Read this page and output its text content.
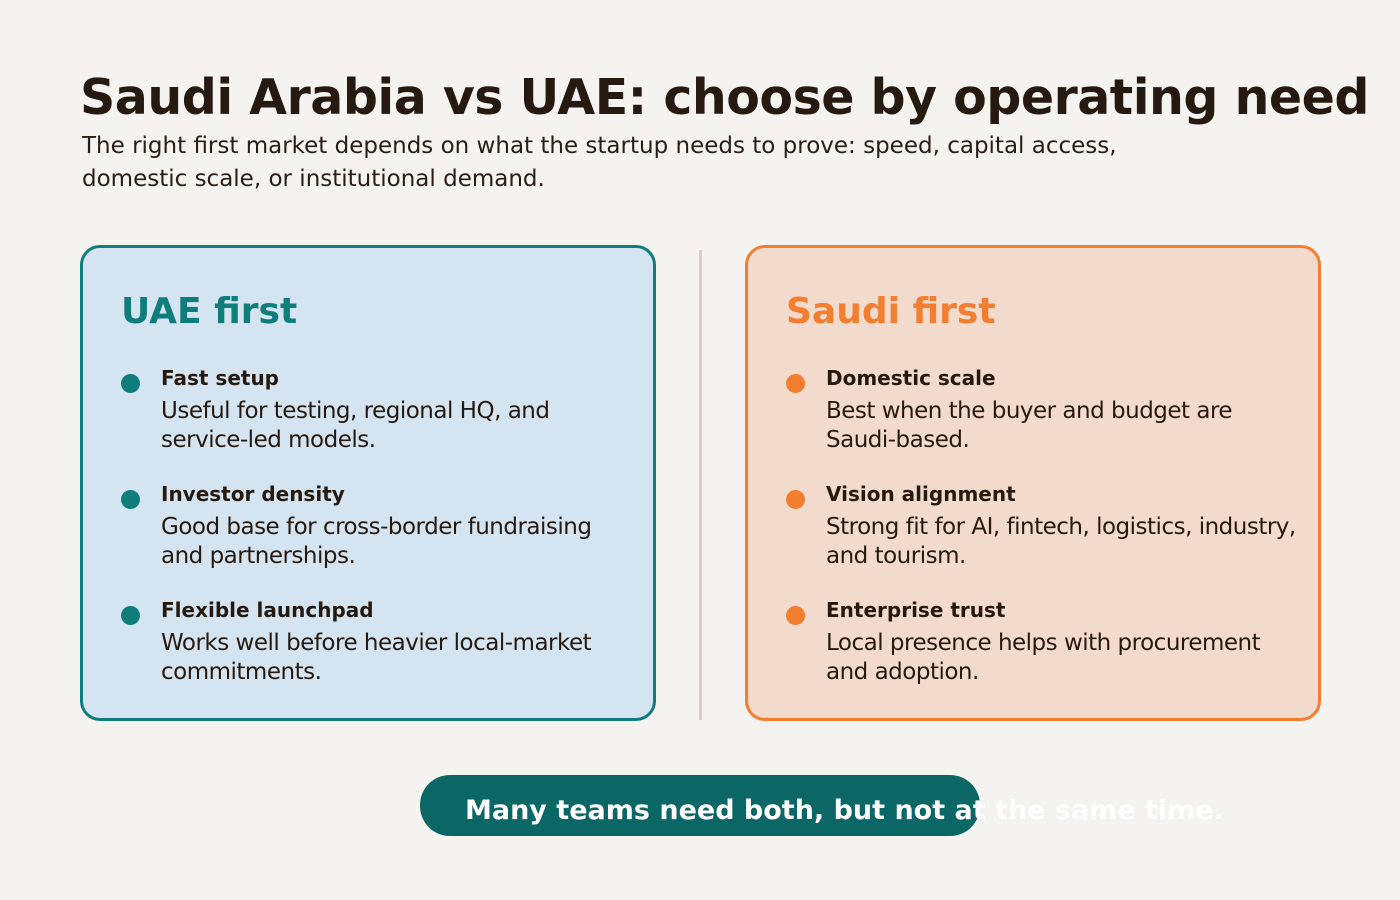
Saudi Arabia vs UAE: choose by operating need

The right first market depends on what the startup needs to prove: speed, capital access, domestic scale, or institutional demand.

UAE first
Fast setup
Useful for testing, regional HQ, and service-led models.
Investor density
Good base for cross-border fundraising and partnerships.
Flexible launchpad
Works well before heavier local-market commitments.
Saudi first
Domestic scale
Best when the buyer and budget are Saudi-based.
Vision alignment
Strong fit for AI, fintech, logistics, industry, and tourism.
Enterprise trust
Local presence helps with procurement and adoption.
Many teams need both, but not at the same time.
